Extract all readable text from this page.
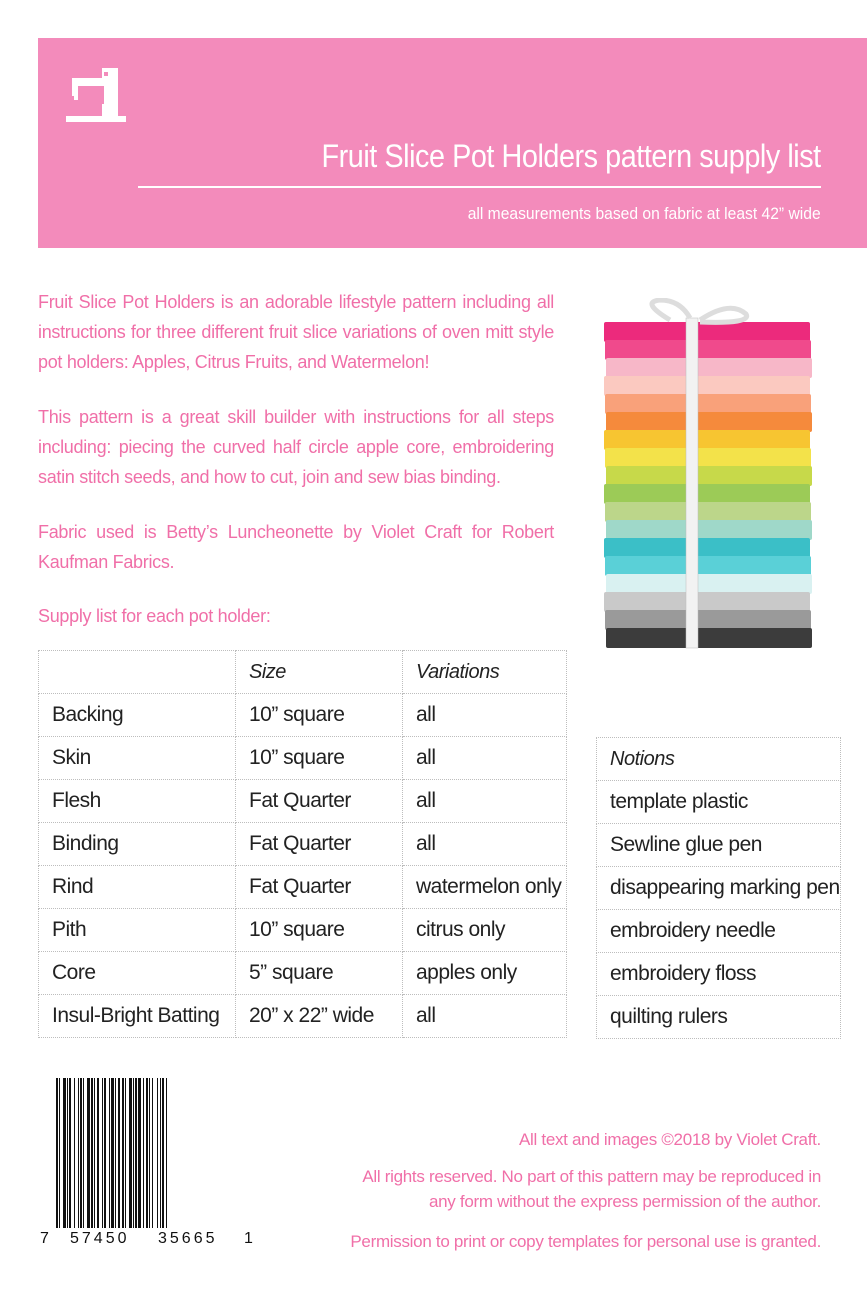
Fruit Slice Pot Holders pattern supply list
all measurements based on fabric at least 42” wide
Fruit Slice Pot Holders is an adorable lifestyle pattern including all instructions for three different fruit slice variations of oven mitt style pot holders: Apples, Citrus Fruits, and Watermelon!
This pattern is a great skill builder with instructions for all steps including: piecing the curved half circle apple core, embroidering satin stitch seeds, and how to cut, join and sew bias binding.
Fabric used is Betty’s Luncheonette by Violet Craft for Robert Kaufman Fabrics.
Supply list for each pot holder:
	Size	Variations
Backing	10” square	all
Skin	10” square	all
Flesh	Fat Quarter	all
Binding	Fat Quarter	all
Rind	Fat Quarter	watermelon only
Pith	10” square	citrus only
Core	5” square	apples only
Insul-Bright Batting	20” x 22” wide	all
Notions
template plastic
Sewline glue pen
disappearing marking pen
embroidery needle
embroidery floss
quilting rulers
7 57450 35665 1
All text and images ©2018 by Violet Craft.
All rights reserved. No part of this pattern may be reproduced in any form without the express permission of the author.
Permission to print or copy templates for personal use is granted.
